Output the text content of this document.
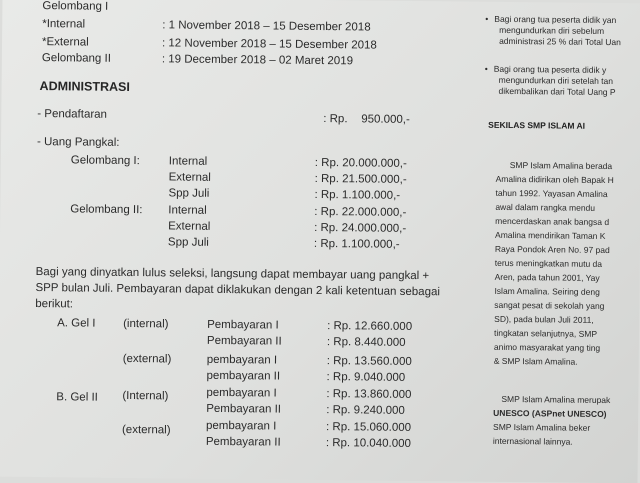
Gelombang I
*Internal	: 1 November 2018 – 15 Desember 2018
*External	: 12 November 2018 – 15 Desember 2018
Gelombang II	: 19 December 2018 – 02 Maret 2019
ADMINISTRASI
- Pendaftaran	: Rp. 950.000,-
- Uang Pangkal:
Gelombang I:	Internal	: Rp. 20.000.000,-
External	: Rp. 21.500.000,-
Spp Juli	: Rp. 1.100.000,-
Gelombang II: Internal	: Rp. 22.000.000,-
External	: Rp. 24.000.000,-
Spp Juli	: Rp. 1.100.000,-
Bagi yang dinyatkan lulus seleksi, langsung dapat membayar uang pangkal +
SPP bulan Juli. Pembayaran dapat diklakukan dengan 2 kali ketentuan sebagai
berikut:
A. Gel I (internal)	Pembayaran I	: Rp. 12.660.000
Pembayaran II	: Rp. 8.440.000
(external)	pembayaran I	: Rp. 13.560.000
pembayaran II	: Rp. 9.040.000
B. Gel II (Internal)	pembayaran I	: Rp. 13.860.000
Pembayaran II	: Rp. 9.240.000
(external)	pembayaran I	: Rp. 15.060.000
Pembayaran II	: Rp. 10.040.000
• Bagi orang tua peserta didik yan
mengundurkan diri sebelum
administrasi 25 % dari Total Uan
• Bagi orang tua peserta didik y
mengundurkan diri setelah tan
dikembalikan dari Total Uang P
SEKILAS SMP ISLAM AI
SMP Islam Amalina berada
Amalina didirikan oleh Bapak H
tahun 1992. Yayasan Amalina
awal dalam rangka mendu
mencerdaskan anak bangsa d
Amalina mendirikan Taman K
Raya Pondok Aren No. 97 pad
terus meningkatkan mutu da
Aren, pada tahun 2001, Yay
Islam Amalina. Seiring deng
sangat pesat di sekolah yang
SD), pada bulan Juli 2011,
tingkatan selanjutnya, SMP
animo masyarakat yang ting
& SMP Islam Amalina.
SMP Islam Amalina merupak
UNESCO (ASPnet UNESCO)
SMP Islam Amalina beker
internasional lainnya.
